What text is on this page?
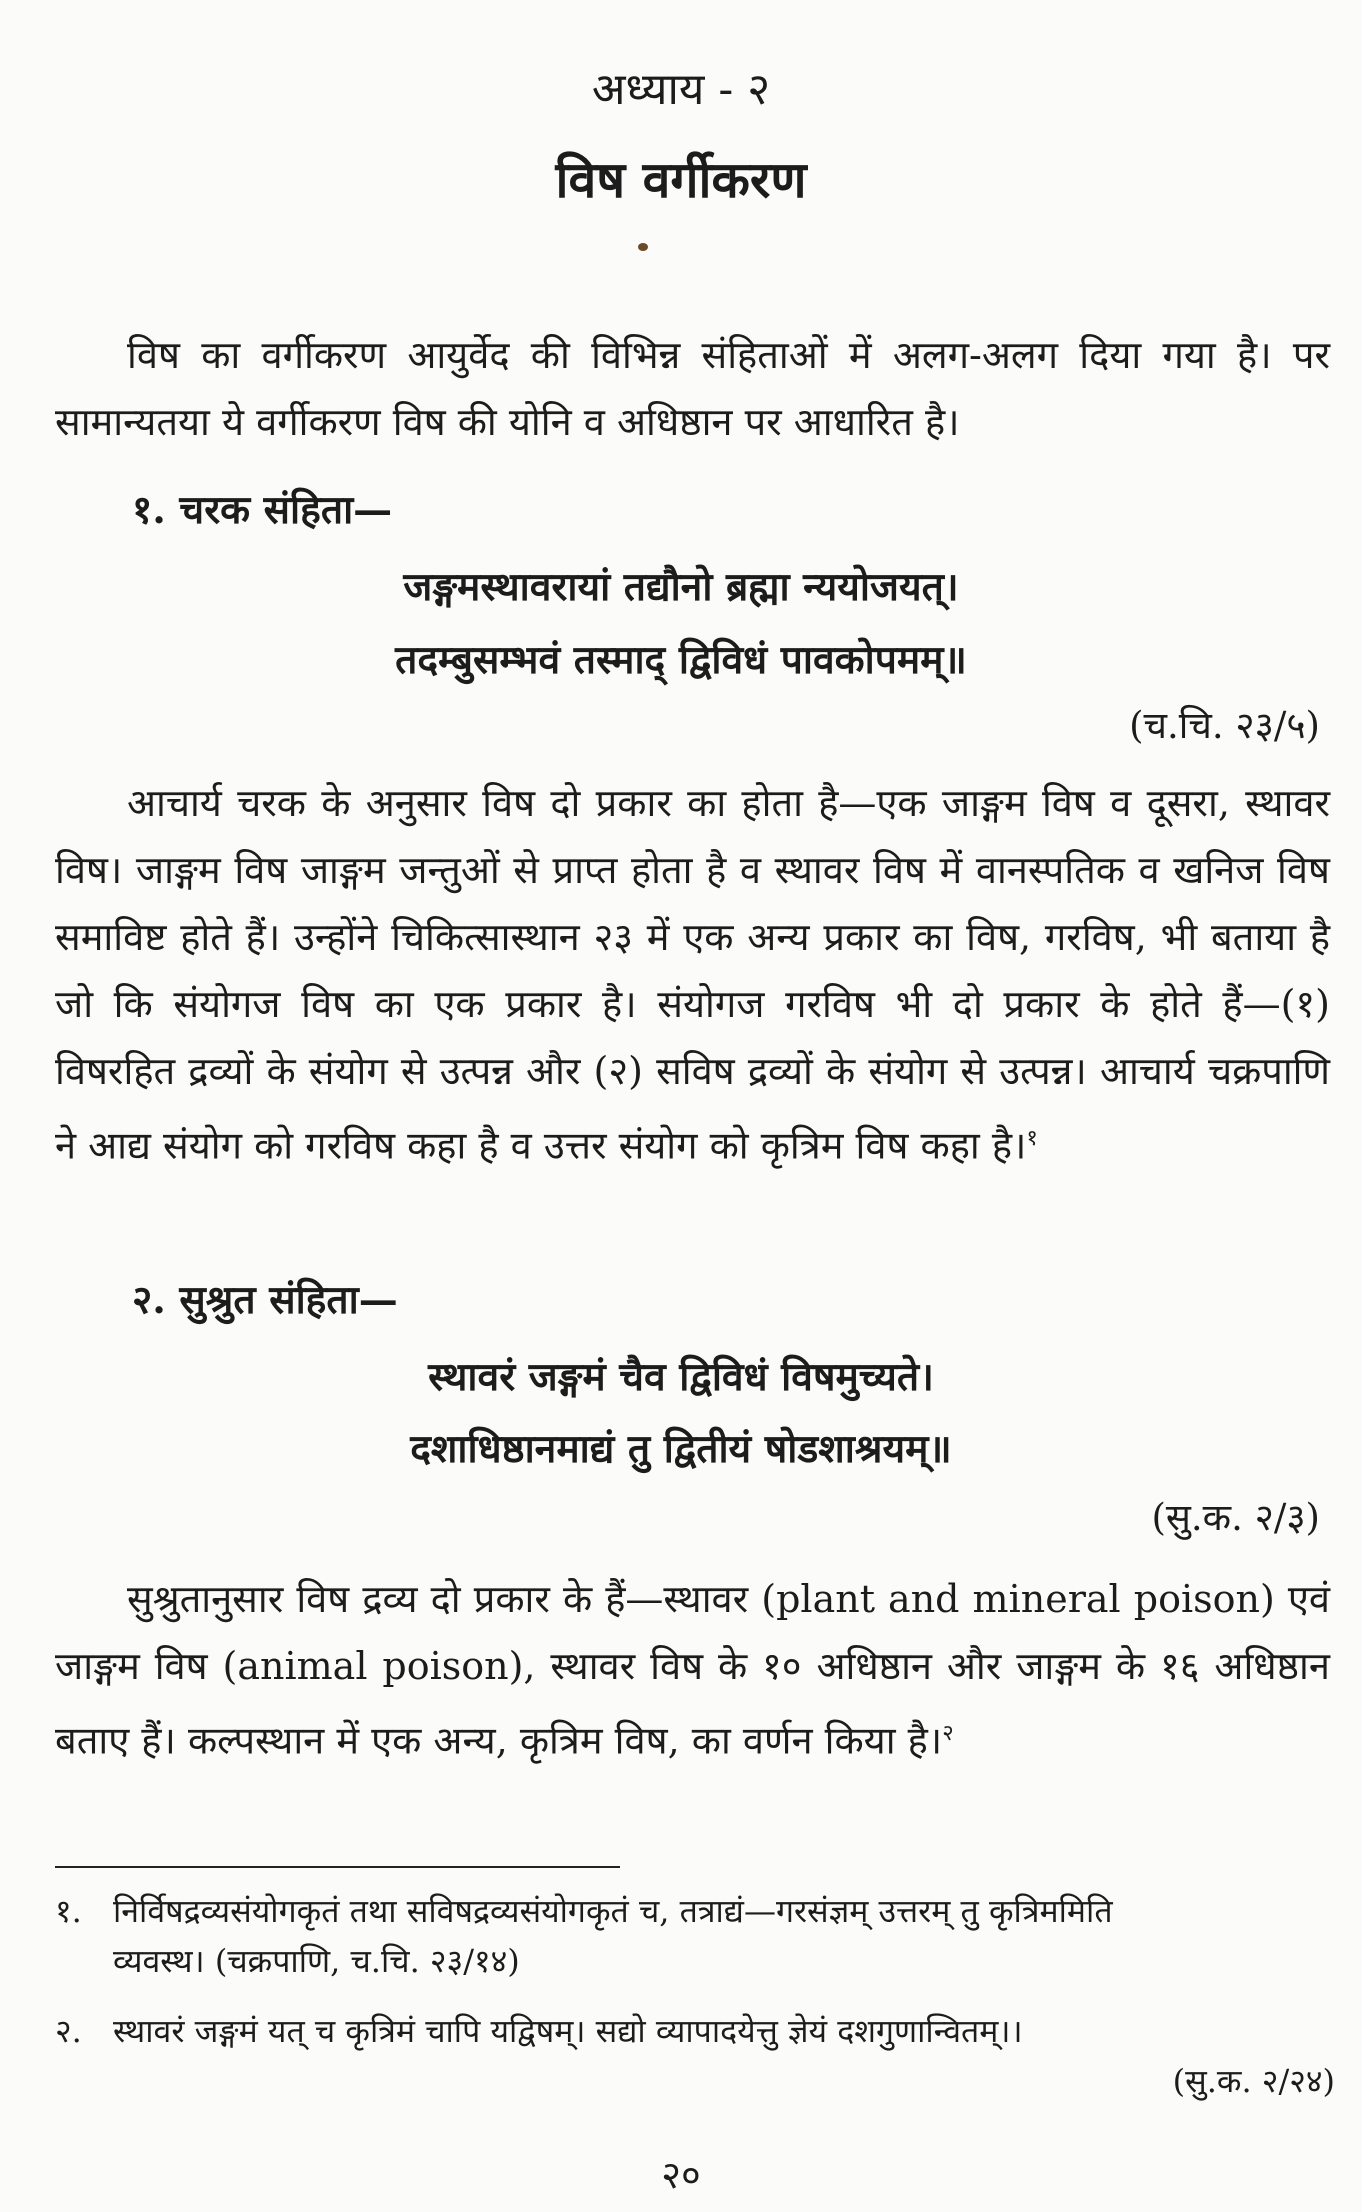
अध्याय - २
विष वर्गीकरण
विष का वर्गीकरण आयुर्वेद की विभिन्न संहिताओं में अलग-अलग दिया गया है। पर सामान्यतया ये वर्गीकरण विष की योनि व अधिष्ठान पर आधारित है।
१. चरक संहिता—
जङ्गमस्थावरायां तद्यौनो ब्रह्मा न्ययोजयत्।
तदम्बुसम्भवं तस्माद् द्विविधं पावकोपमम्॥
(च.चि. २३/५)
आचार्य चरक के अनुसार विष दो प्रकार का होता है—एक जाङ्गम विष व दूसरा, स्थावर विष। जाङ्गम विष जाङ्गम जन्तुओं से प्राप्त होता है व स्थावर विष में वानस्पतिक व खनिज विष समाविष्ट होते हैं। उन्होंने चिकित्सास्थान २३ में एक अन्य प्रकार का विष, गरविष, भी बताया है जो कि संयोगज विष का एक प्रकार है। संयोगज गरविष भी दो प्रकार के होते हैं—(१) विषरहित द्रव्यों के संयोग से उत्पन्न और (२) सविष द्रव्यों के संयोग से उत्पन्न। आचार्य चक्रपाणि ने आद्य संयोग को गरविष कहा है व उत्तर संयोग को कृत्रिम विष कहा है।$^१$
२. सुश्रुत संहिता—
स्थावरं जङ्गमं चैव द्विविधं विषमुच्यते।
दशाधिष्ठानमाद्यं तु द्वितीयं षोडशाश्रयम्॥
(सु.क. २/३)
सुश्रुतानुसार विष द्रव्य दो प्रकार के हैं—स्थावर (plant and mineral poison) एवं जाङ्गम विष (animal poison), स्थावर विष के १० अधिष्ठान और जाङ्गम के १६ अधिष्ठान बताए हैं। कल्पस्थान में एक अन्य, कृत्रिम विष, का वर्णन किया है।$^२$
१. निर्विषद्रव्यसंयोगकृतं तथा सविषद्रव्यसंयोगकृतं च, तत्राद्यं—गरसंज्ञम् उत्तरम् तु कृत्रिममिति
व्यवस्थ। (चक्रपाणि, च.चि. २३/१४)
२. स्थावरं जङ्गमं यत् च कृत्रिमं चापि यद्विषम्। सद्यो व्यापादयेत्तु ज्ञेयं दशगुणान्वितम्।।
(सु.क. २/२४)
२०
